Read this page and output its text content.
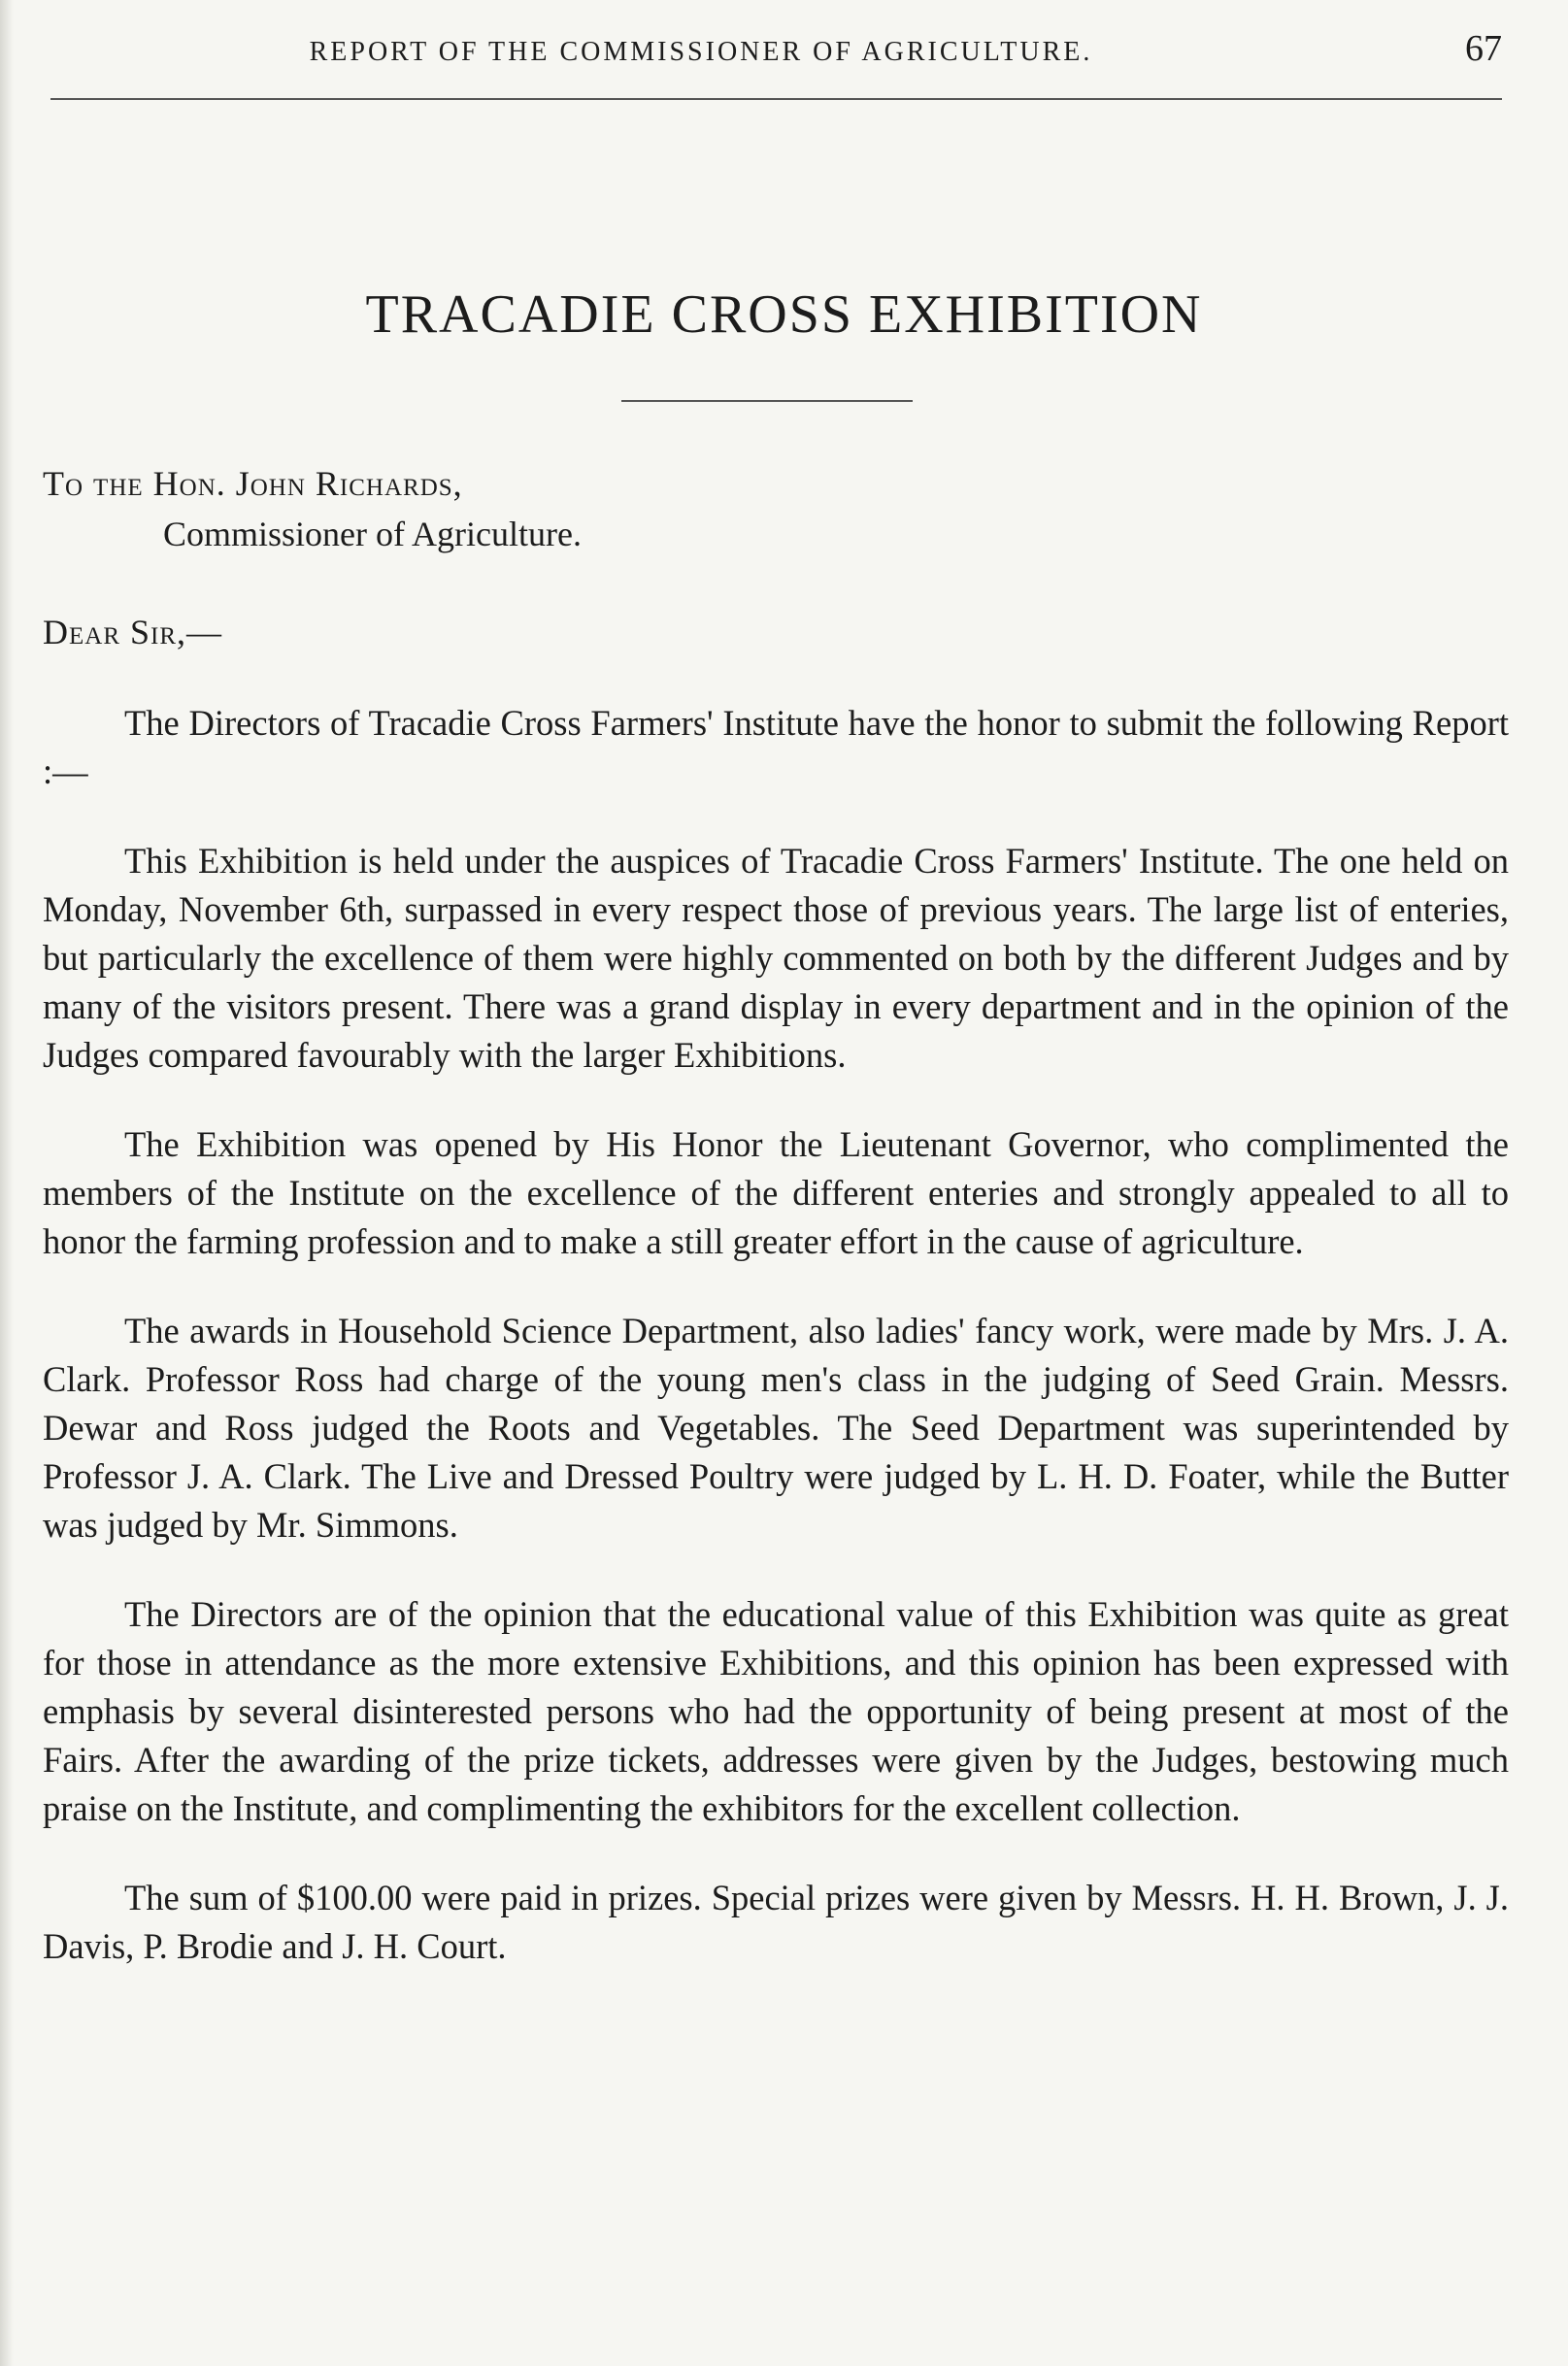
REPORT OF THE COMMISSIONER OF AGRICULTURE.	67
TRACADIE CROSS EXHIBITION
To the Hon. John Richards,
Commissioner of Agriculture.
Dear Sir,—

The Directors of Tracadie Cross Farmers' Institute have the honor to submit the following Report :—

This Exhibition is held under the auspices of Tracadie Cross Farmers' Institute. The one held on Monday, November 6th, surpassed in every respect those of previous years. The large list of enteries, but particularly the excellence of them were highly commented on both by the different Judges and by many of the visitors present. There was a grand display in every department and in the opinion of the Judges compared favourably with the larger Exhibitions.

The Exhibition was opened by His Honor the Lieutenant Governor, who complimented the members of the Institute on the excellence of the different enteries and strongly appealed to all to honor the farming profession and to make a still greater effort in the cause of agriculture.

The awards in Household Science Department, also ladies' fancy work, were made by Mrs. J. A. Clark. Professor Ross had charge of the young men's class in the judging of Seed Grain. Messrs. Dewar and Ross judged the Roots and Vegetables. The Seed Department was superintended by Professor J. A. Clark. The Live and Dressed Poultry were judged by L. H. D. Foater, while the Butter was judged by Mr. Simmons.

The Directors are of the opinion that the educational value of this Exhibition was quite as great for those in attendance as the more extensive Exhibitions, and this opinion has been expressed with emphasis by several disinterested persons who had the opportunity of being present at most of the Fairs. After the awarding of the prize tickets, addresses were given by the Judges, bestowing much praise on the Institute, and complimenting the exhibitors for the excellent collection.

The sum of $100.00 were paid in prizes. Special prizes were given by Messrs. H. H. Brown, J. J. Davis, P. Brodie and J. H. Court.
